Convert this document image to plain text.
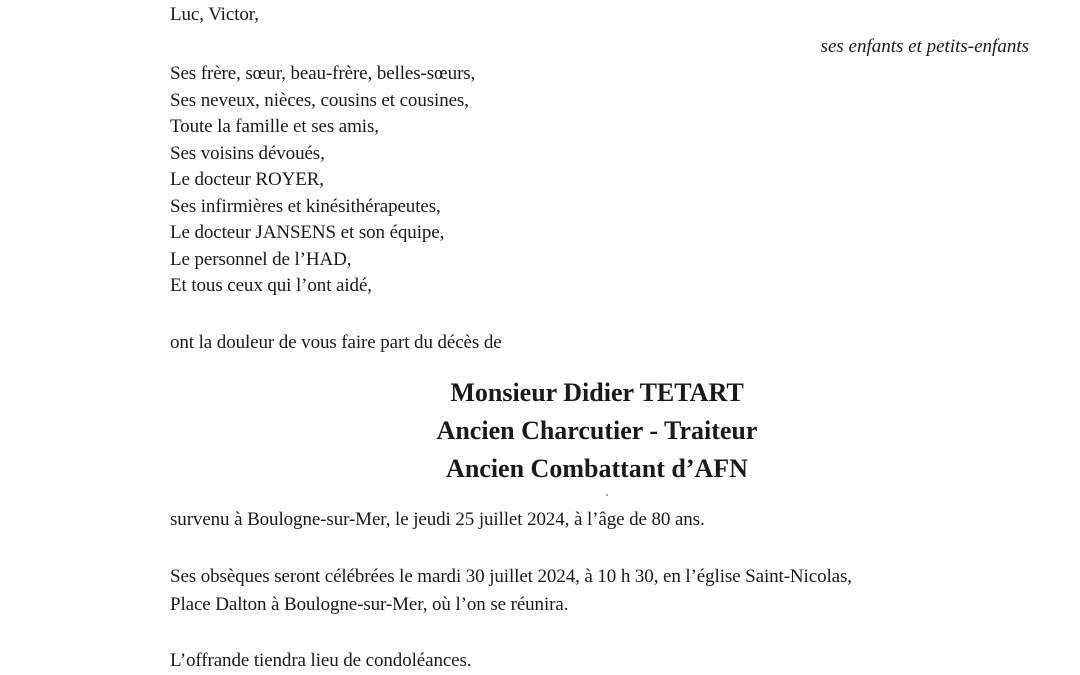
Luc, Victor,
ses enfants et petits-enfants
Ses frère, sœur, beau-frère, belles-sœurs,
Ses neveux, nièces, cousins et cousines,
Toute la famille et ses amis,
Ses voisins dévoués,
Le docteur ROYER,
Ses infirmières et kinésithérapeutes,
Le docteur JANSENS et son équipe,
Le personnel de l’HAD,
Et tous ceux qui l’ont aidé,
ont la douleur de vous faire part du décès de
Monsieur Didier TETART
Ancien Charcutier - Traiteur
Ancien Combattant d’AFN
survenu à Boulogne-sur-Mer, le jeudi 25 juillet 2024, à l’âge de 80 ans.
Ses obsèques seront célébrées le mardi 30 juillet 2024, à 10 h 30, en l’église Saint-Nicolas,
Place Dalton à Boulogne-sur-Mer, où l’on se réunira.
L’offrande tiendra lieu de condoléances.
